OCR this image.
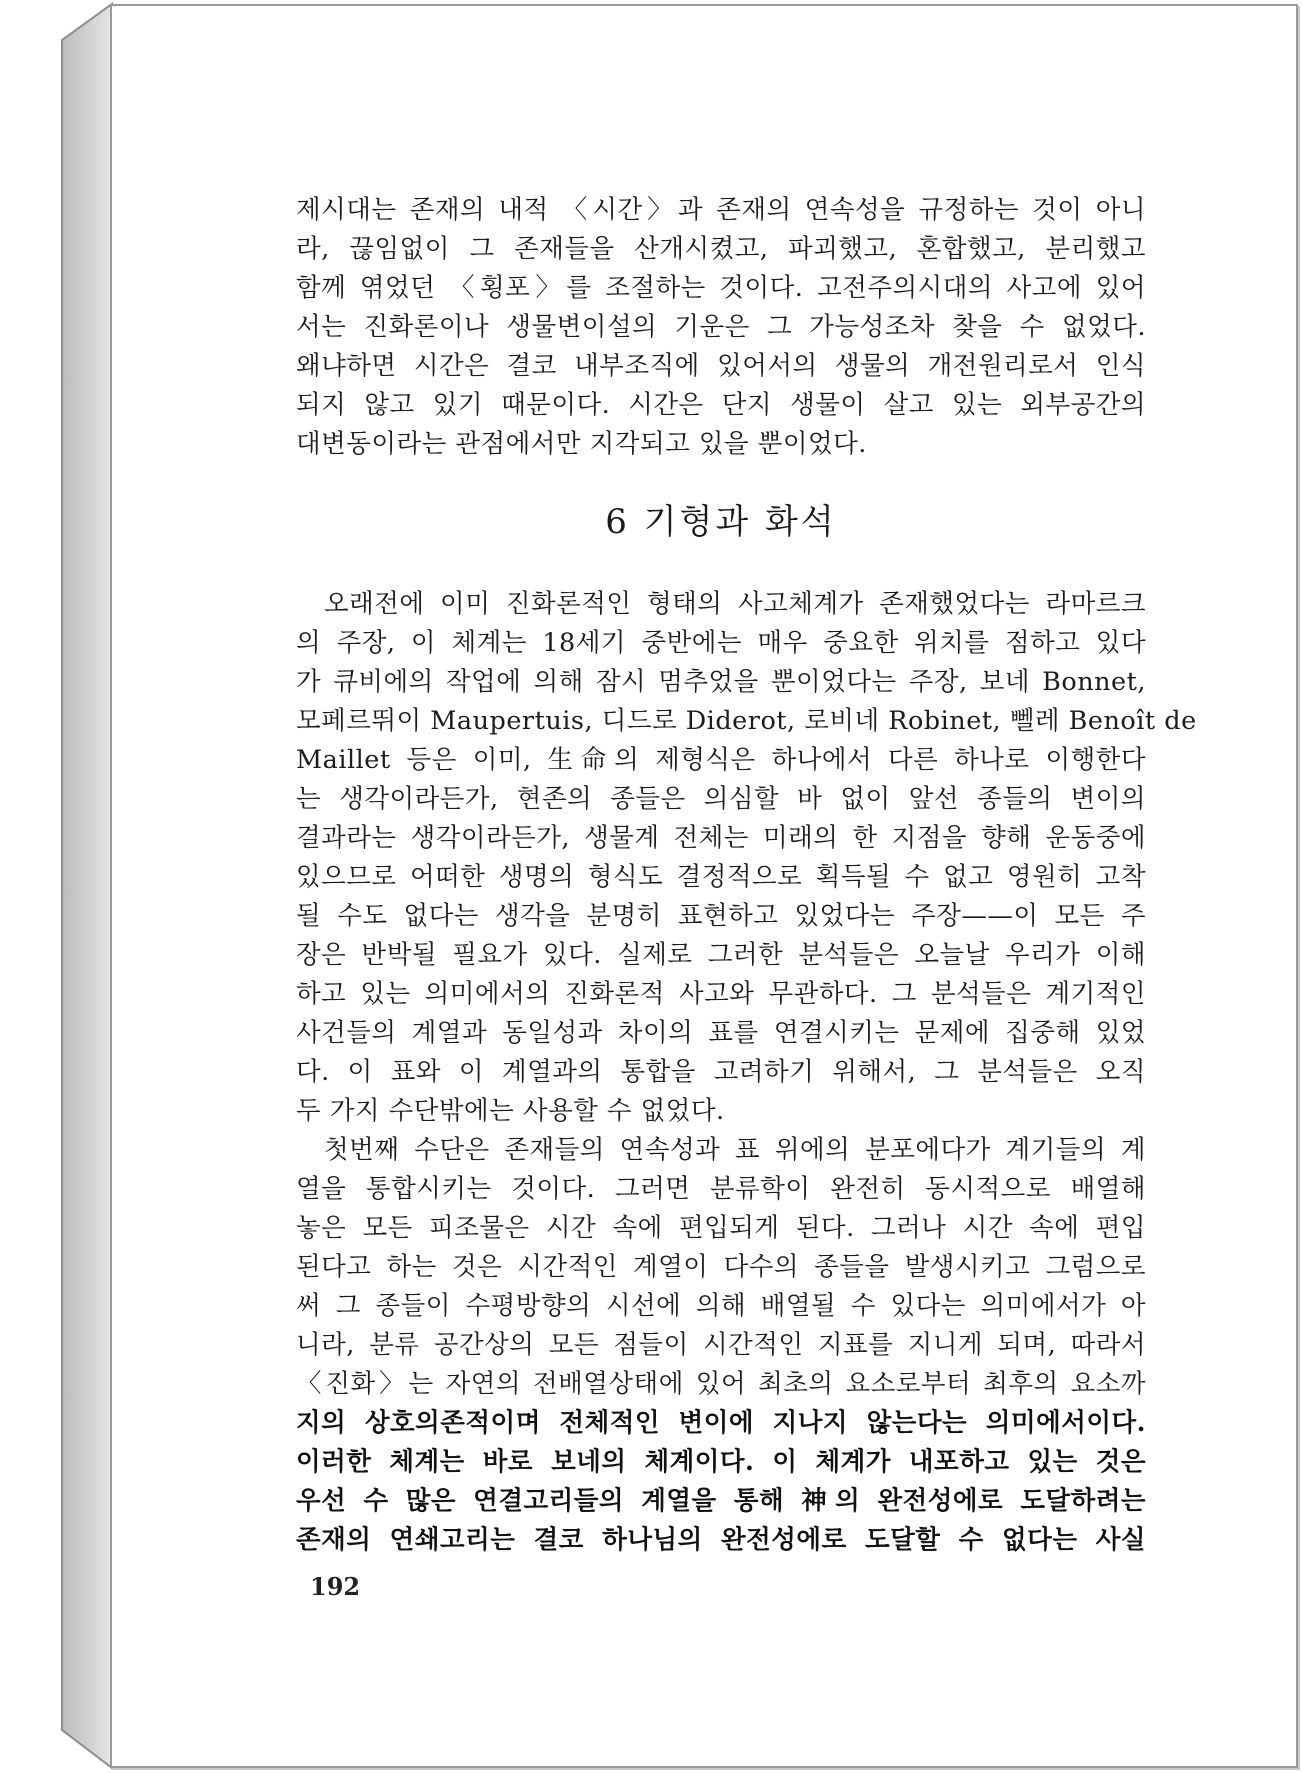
제시대는 존재의 내적 〈시간〉과 존재의 연속성을 규정하는 것이 아니
라, 끊임없이 그 존재들을 산개시켰고, 파괴했고, 혼합했고, 분리했고
함께 엮었던 〈횡포〉를 조절하는 것이다. 고전주의시대의 사고에 있어
서는 진화론이나 생물변이설의 기운은 그 가능성조차 찾을 수 없었다.
왜냐하면 시간은 결코 내부조직에 있어서의 생물의 개전원리로서 인식
되지 않고 있기 때문이다. 시간은 단지 생물이 살고 있는 외부공간의
대변동이라는 관점에서만 지각되고 있을 뿐이었다.
6 기형과 화석
오래전에 이미 진화론적인 형태의 사고체계가 존재했었다는 라마르크
의 주장, 이 체계는 18세기 중반에는 매우 중요한 위치를 점하고 있다
가 큐비에의 작업에 의해 잠시 멈추었을 뿐이었다는 주장, 보네 Bonnet,
모페르뛰이 Maupertuis, 디드로 Diderot, 로비네 Robinet, 뻴레 Benoît de
Maillet 등은 이미, 生命의 제형식은 하나에서 다른 하나로 이행한다
는 생각이라든가, 현존의 종들은 의심할 바 없이 앞선 종들의 변이의
결과라는 생각이라든가, 생물계 전체는 미래의 한 지점을 향해 운동중에
있으므로 어떠한 생명의 형식도 결정적으로 획득될 수 없고 영원히 고착
될 수도 없다는 생각을 분명히 표현하고 있었다는 주장——이 모든 주
장은 반박될 필요가 있다. 실제로 그러한 분석들은 오늘날 우리가 이해
하고 있는 의미에서의 진화론적 사고와 무관하다. 그 분석들은 계기적인
사건들의 계열과 동일성과 차이의 표를 연결시키는 문제에 집중해 있었
다. 이 표와 이 계열과의 통합을 고려하기 위해서, 그 분석들은 오직
두 가지 수단밖에는 사용할 수 없었다.
첫번째 수단은 존재들의 연속성과 표 위에의 분포에다가 계기들의 계
열을 통합시키는 것이다. 그러면 분류학이 완전히 동시적으로 배열해
놓은 모든 피조물은 시간 속에 편입되게 된다. 그러나 시간 속에 편입
된다고 하는 것은 시간적인 계열이 다수의 종들을 발생시키고 그럼으로
써 그 종들이 수평방향의 시선에 의해 배열될 수 있다는 의미에서가 아
니라, 분류 공간상의 모든 점들이 시간적인 지표를 지니게 되며, 따라서
〈진화〉는 자연의 전배열상태에 있어 최초의 요소로부터 최후의 요소까
지의 상호의존적이며 전체적인 변이에 지나지 않는다는 의미에서이다.
이러한 체계는 바로 보네의 체계이다. 이 체계가 내포하고 있는 것은
우선 수 많은 연결고리들의 계열을 통해 神의 완전성에로 도달하려는
존재의 연쇄고리는 결코 하나님의 완전성에로 도달할 수 없다는 사실
192
